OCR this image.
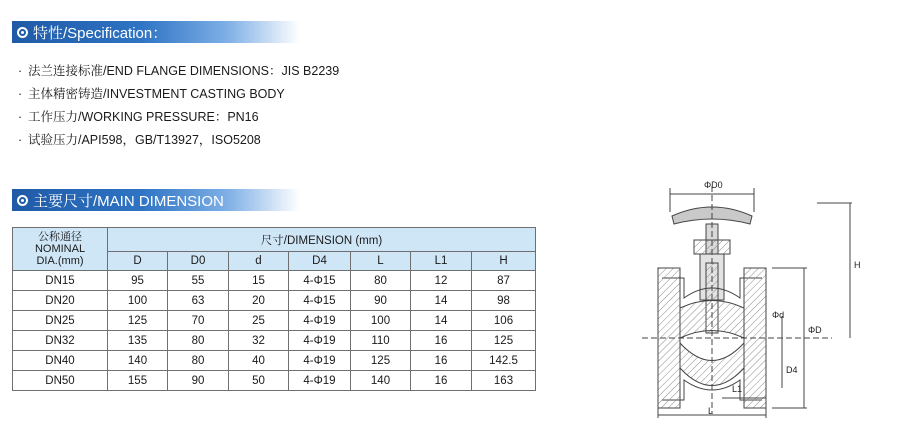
特性/Specification：
· 法兰连接标准/END FLANGE DIMENSIONS：JIS B2239
· 主体精密铸造/INVESTMENT CASTING BODY
· 工作压力/WORKING PRESSURE：PN16
· 试验压力/API598，GB/T13927，ISO5208
主要尺寸/MAIN DIMENSION
公称通径
NOMINAL
DIA.(mm)	尺寸/DIMENSION (mm)						
	D	D0	d	D4	L	L1	H
DN15	95	55	15	4-Φ15	80	12	87
DN20	100	63	20	4-Φ15	90	14	98
DN25	125	70	25	4-Φ19	100	14	106
DN32	135	80	32	4-Φ19	110	16	125
DN40	140	80	40	4-Φ19	125	16	142.5
DN50	155	90	50	4-Φ19	140	16	163
ΦD0
H
ΦD
Φd
D4
L1
L
